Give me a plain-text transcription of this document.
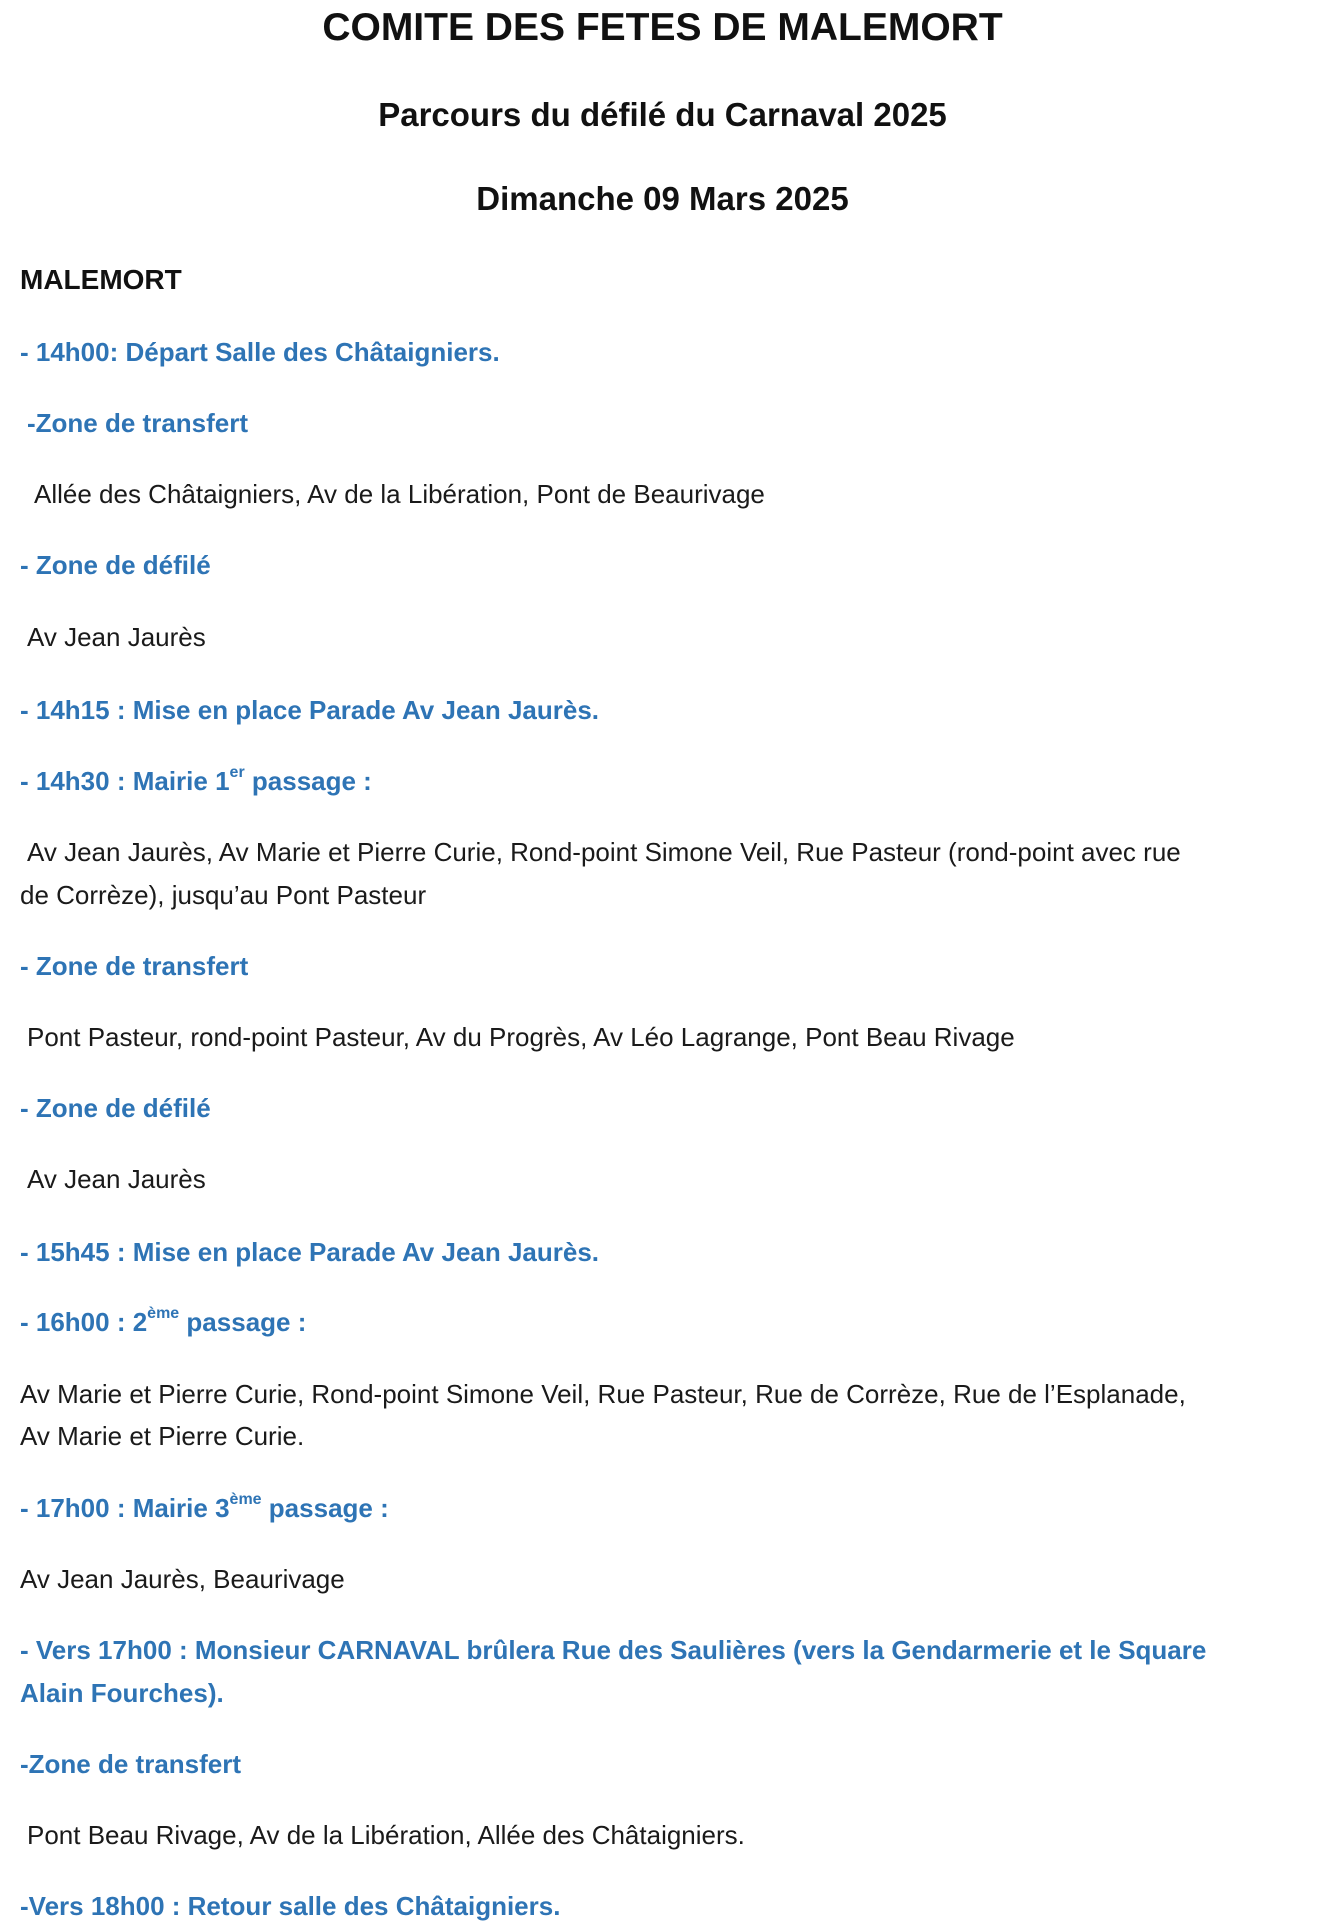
COMITE DES FETES DE MALEMORT
Parcours du défilé du Carnaval 2025
Dimanche 09 Mars 2025
MALEMORT
- 14h00: Départ Salle des Châtaigniers.
-Zone de transfert
Allée des Châtaigniers, Av de la Libération, Pont de Beaurivage
- Zone de défilé
Av Jean Jaurès
- 14h15 : Mise en place Parade Av Jean Jaurès.
- 14h30 : Mairie 1er passage :
Av Jean Jaurès, Av Marie et Pierre Curie, Rond-point Simone Veil, Rue Pasteur (rond-point avec rue
de Corrèze), jusqu’au Pont Pasteur
- Zone de transfert
Pont Pasteur, rond-point Pasteur, Av du Progrès, Av Léo Lagrange, Pont Beau Rivage
- Zone de défilé
Av Jean Jaurès
- 15h45 : Mise en place Parade Av Jean Jaurès.
- 16h00 : 2ème passage :
Av Marie et Pierre Curie, Rond-point Simone Veil, Rue Pasteur, Rue de Corrèze, Rue de l’Esplanade,
Av Marie et Pierre Curie.
- 17h00 : Mairie 3ème passage :
Av Jean Jaurès, Beaurivage
- Vers 17h00 : Monsieur CARNAVAL brûlera Rue des Saulières (vers la Gendarmerie et le Square
Alain Fourches).
-Zone de transfert
Pont Beau Rivage, Av de la Libération, Allée des Châtaigniers.
-Vers 18h00 : Retour salle des Châtaigniers.
